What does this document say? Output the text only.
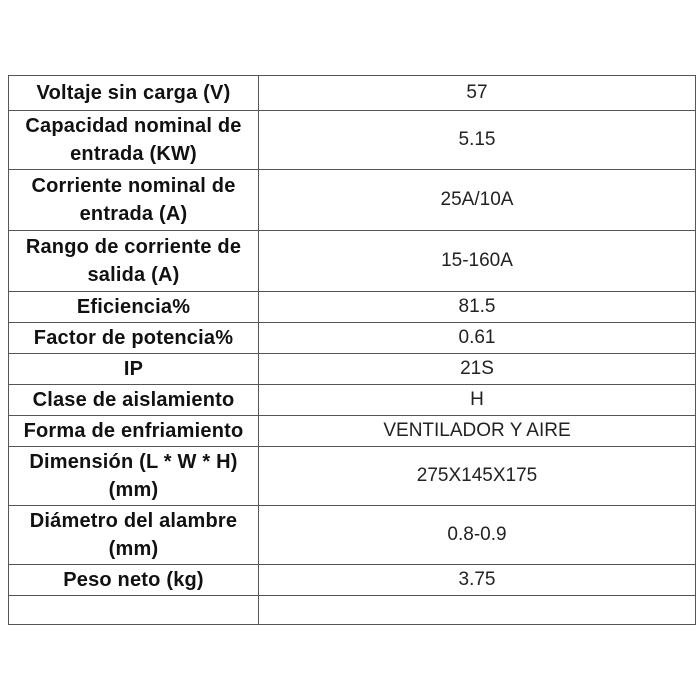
Voltaje sin carga (V)	57
Capacidad nominal de entrada (KW)	5.15
Corriente nominal de entrada (A)	25A/10A
Rango de corriente de salida (A)	15-160A
Eficiencia%	81.5
Factor de potencia%	0.61
IP	21S
Clase de aislamiento	H
Forma de enfriamiento	VENTILADOR Y AIRE
Dimensión (L * W * H) (mm)	275X145X175
Diámetro del alambre (mm)	0.8-0.9
Peso neto (kg)	3.75
